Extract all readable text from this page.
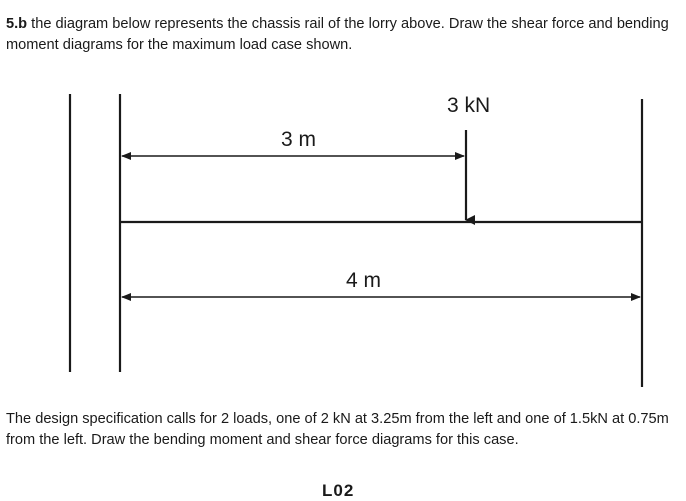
5.b the diagram below represents the chassis rail of the lorry above. Draw the shear force and bending moment diagrams for the maximum load case shown.

3 kN
3 m
4 m

The design specification calls for 2 loads, one of 2 kN at 3.25m from the left and one of 1.5kN at 0.75m from the left. Draw the bending moment and shear force diagrams for this case.

L02
